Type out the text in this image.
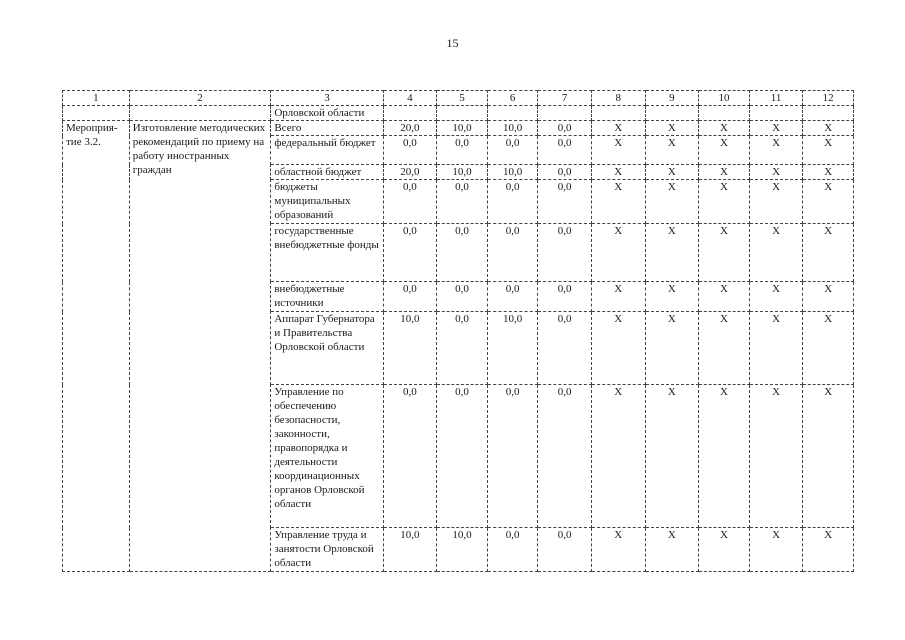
15
1	2	3	4	5	6	7	8	9	10	11	12
		Орловской области									
Мероприя-тие 3.2.	Изготовление методических рекомендаций по приему на работу иностранных граждан	Всего	20,0	10,0	10,0	0,0	Х	Х	Х	Х	Х
		федеральный бюджет	0,0	0,0	0,0	0,0	Х	Х	Х	Х	Х
		областной бюджет	20,0	10,0	10,0	0,0	Х	Х	Х	Х	Х
		бюджеты муниципальных образований	0,0	0,0	0,0	0,0	Х	Х	Х	Х	Х
		государственные внебюджетные фонды	0,0	0,0	0,0	0,0	Х	Х	Х	Х	Х
		внебюджетные источники	0,0	0,0	0,0	0,0	Х	Х	Х	Х	Х
		Аппарат Губернатора и Правительства Орловской области	10,0	0,0	10,0	0,0	Х	Х	Х	Х	Х
		Управление по обеспечению безопасности, законности, правопорядка и деятельности координационных органов Орловской области	0,0	0,0	0,0	0,0	Х	Х	Х	Х	Х
		Управление труда и занятости Орловской области	10,0	10,0	0,0	0,0	Х	Х	Х	Х	Х
